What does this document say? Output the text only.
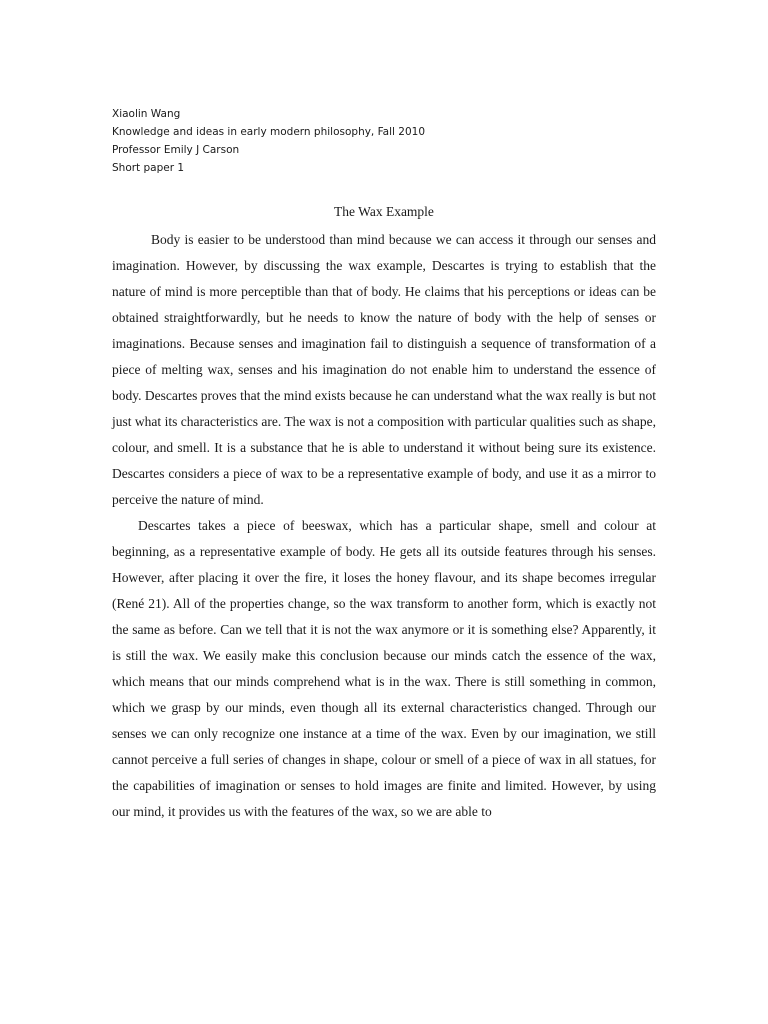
Xiaolin Wang
Knowledge and ideas in early modern philosophy, Fall 2010
Professor Emily J Carson
Short paper 1
The Wax Example

Body is easier to be understood than mind because we can access it through our senses and imagination. However, by discussing the wax example, Descartes is trying to establish that the nature of mind is more perceptible than that of body. He claims that his perceptions or ideas can be obtained straightforwardly, but he needs to know the nature of body with the help of senses or imaginations. Because senses and imagination fail to distinguish a sequence of transformation of a piece of melting wax, senses and his imagination do not enable him to understand the essence of body. Descartes proves that the mind exists because he can understand what the wax really is but not just what its characteristics are. The wax is not a composition with particular qualities such as shape, colour, and smell. It is a substance that he is able to understand it without being sure its existence. Descartes considers a piece of wax to be a representative example of body, and use it as a mirror to perceive the nature of mind.

Descartes takes a piece of beeswax, which has a particular shape, smell and colour at beginning, as a representative example of body. He gets all its outside features through his senses. However, after placing it over the fire, it loses the honey flavour, and its shape becomes irregular (René 21). All of the properties change, so the wax transform to another form, which is exactly not the same as before. Can we tell that it is not the wax anymore or it is something else? Apparently, it is still the wax. We easily make this conclusion because our minds catch the essence of the wax, which means that our minds comprehend what is in the wax. There is still something in common, which we grasp by our minds, even though all its external characteristics changed. Through our senses we can only recognize one instance at a time of the wax. Even by our imagination, we still cannot perceive a full series of changes in shape, colour or smell of a piece of wax in all statues, for the capabilities of imagination or senses to hold images are finite and limited. However, by using our mind, it provides us with the features of the wax, so we are able to
